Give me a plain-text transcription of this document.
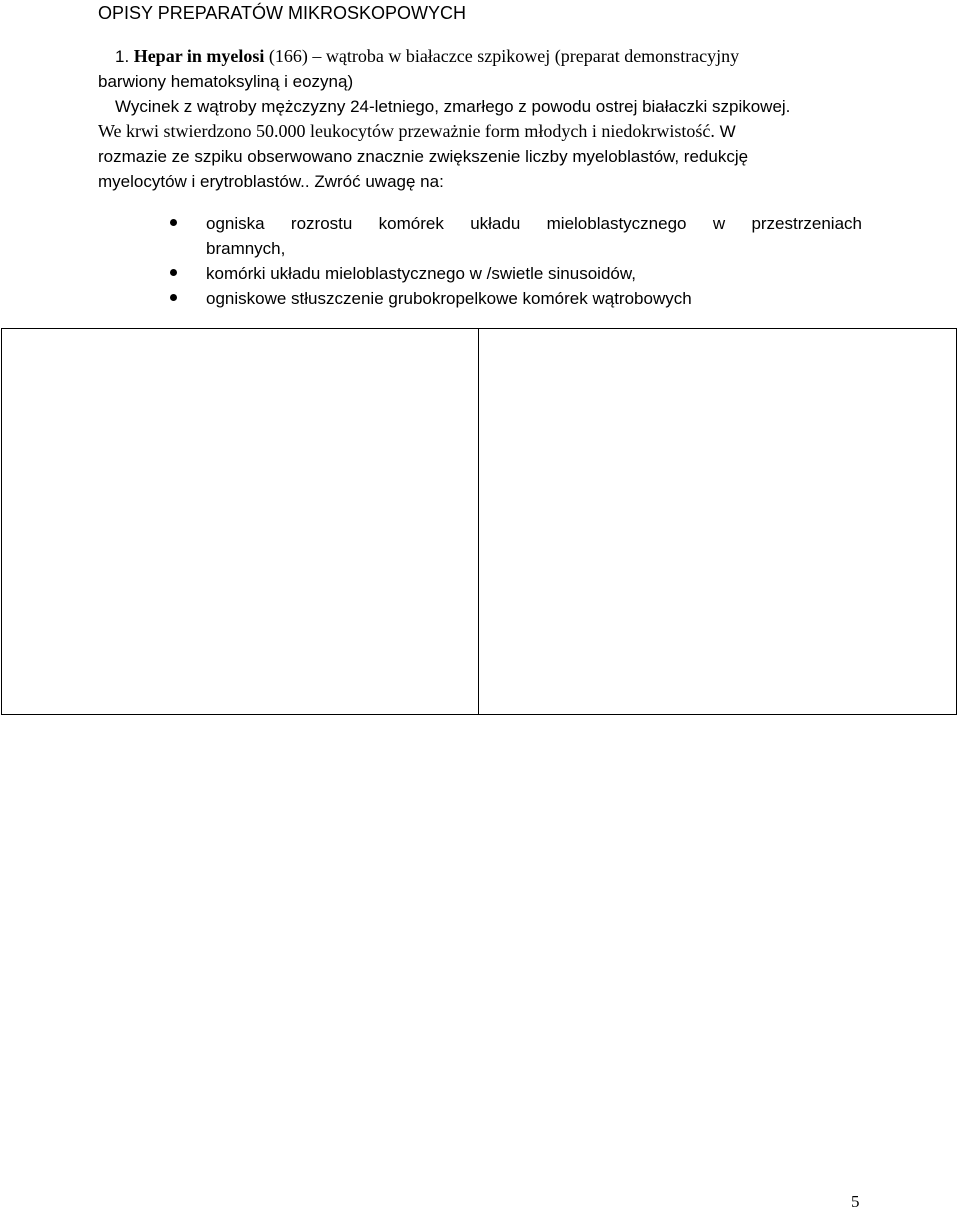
OPISY PREPARATÓW MIKROSKOPOWYCH
1. Hepar in myelosi (166) – wątroba w białaczce szpikowej (preparat demonstracyjny
barwiony hematoksyliną i eozyną)
Wycinek z wątroby mężczyzny 24-letniego, zmarłego z powodu ostrej białaczki szpikowej.
We krwi stwierdzono 50.000 leukocytów przeważnie form młodych i niedokrwistość. W
rozmazie ze szpiku obserwowano znacznie zwiększenie liczby myeloblastów, redukcję
myelocytów i erytroblastów.. Zwróć uwagę na:
ogniska rozrostu komórek układu mieloblastycznego w przestrzeniach
bramnych,
komórki układu mieloblastycznego w /swietle sinusoidów,
ogniskowe stłuszczenie grubokropelkowe komórek wątrobowych
5
